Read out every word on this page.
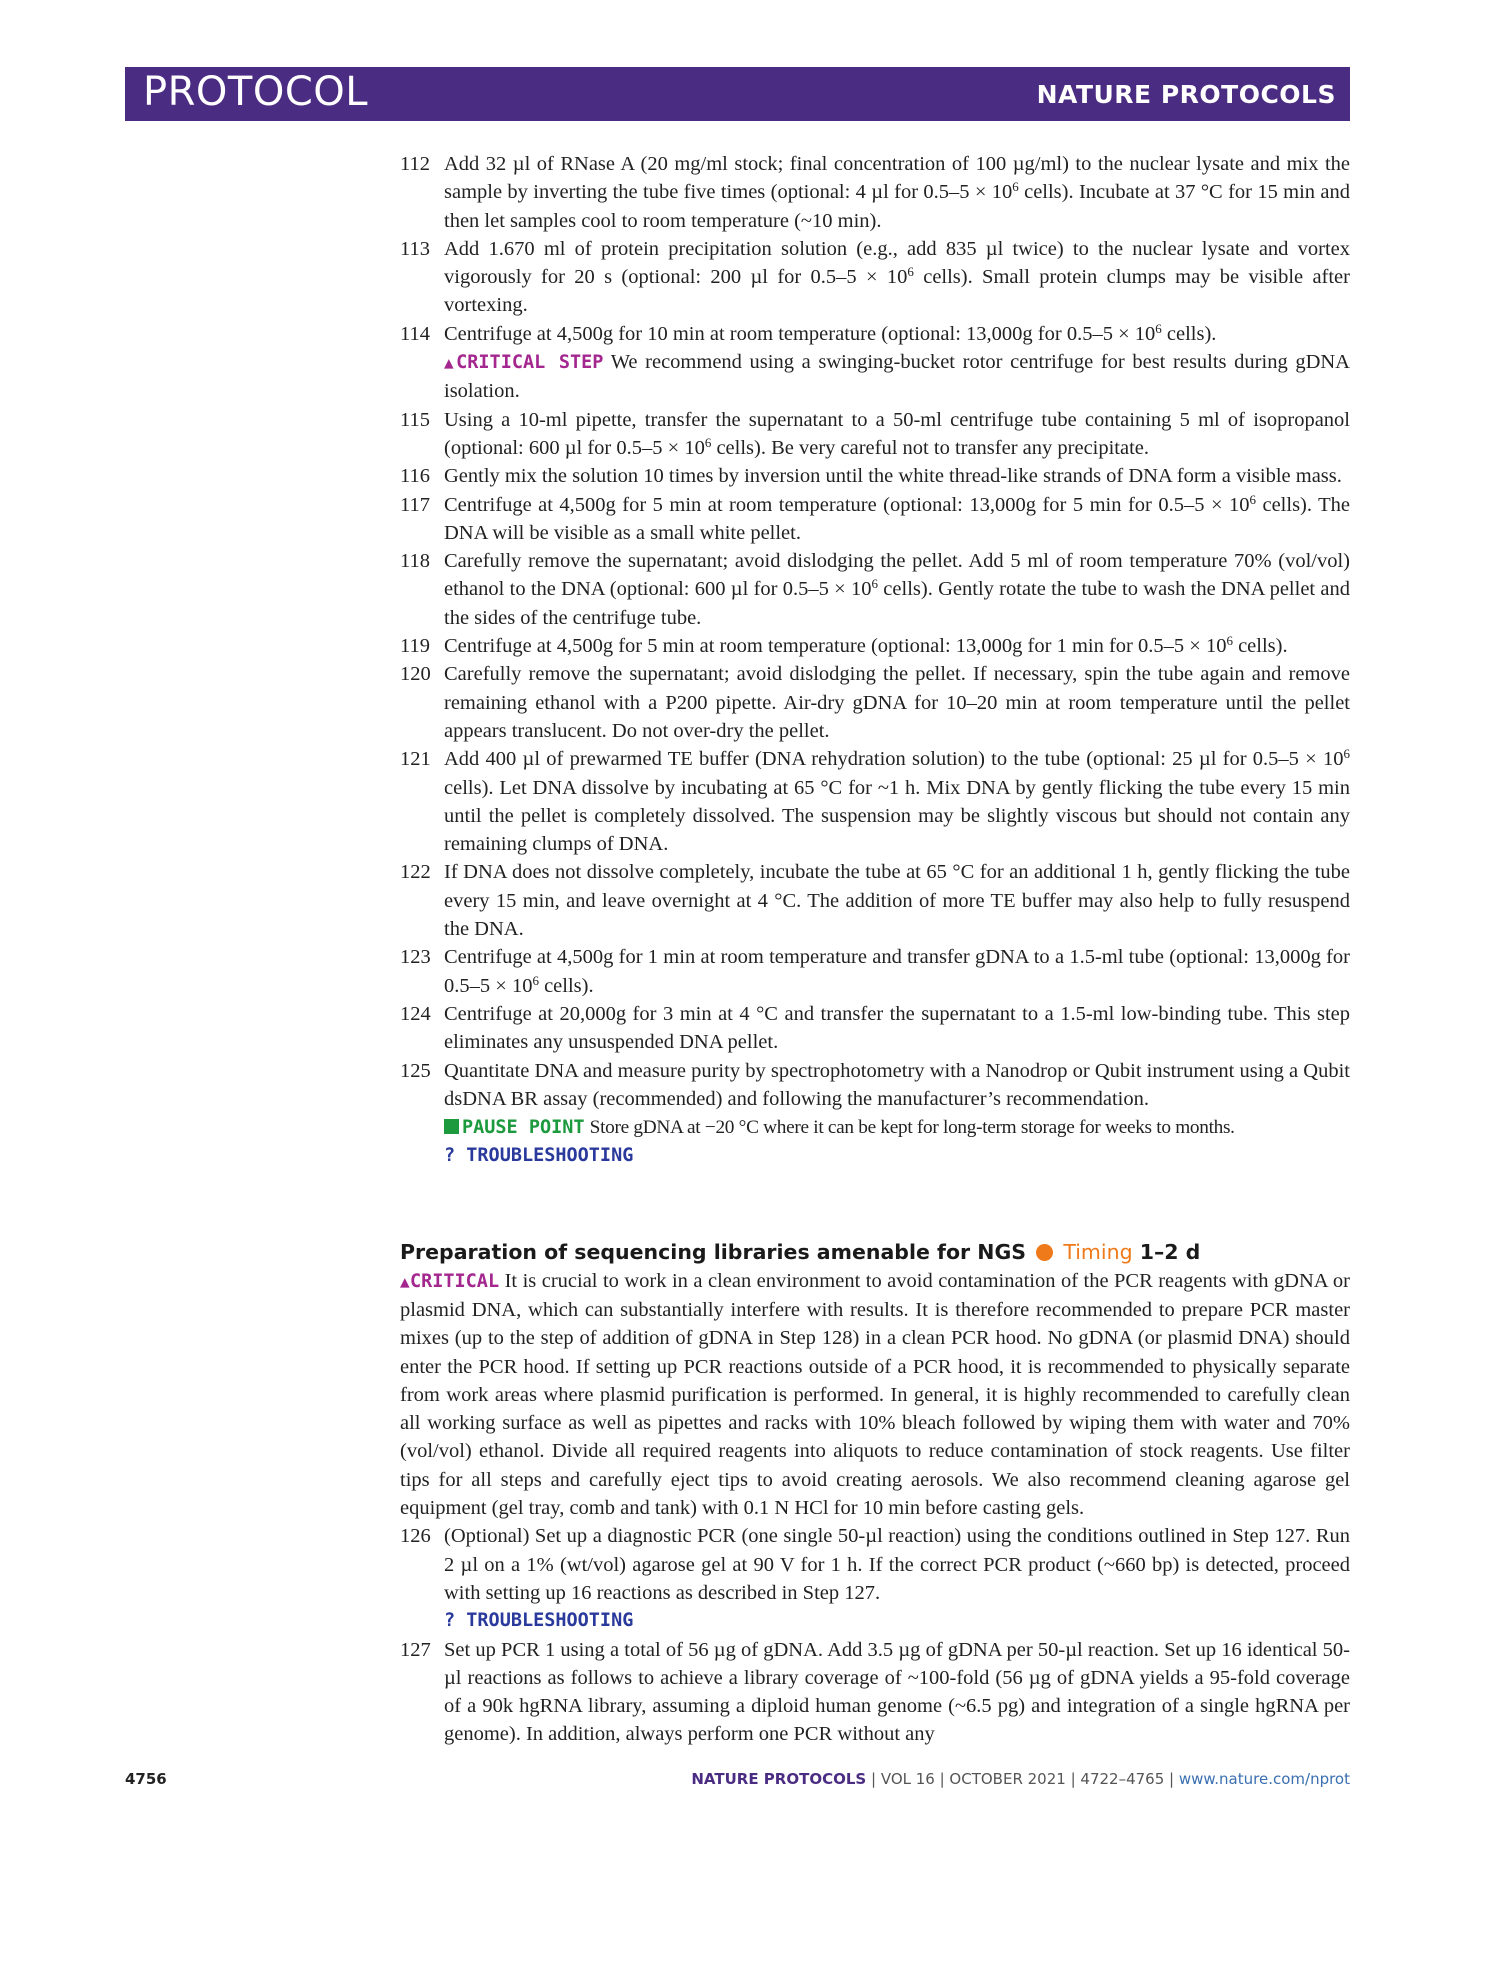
PROTOCOL	NATURE PROTOCOLS
112 Add 32 µl of RNase A (20 mg/ml stock; final concentration of 100 µg/ml) to the nuclear lysate and mix the sample by inverting the tube five times (optional: 4 µl for $0.5-5 \times 10^6$ cells). Incubate at 37 °C for 15 min and then let samples cool to room temperature (~10 min).

113 Add 1.670 ml of protein precipitation solution (e.g., add 835 µl twice) to the nuclear lysate and vortex vigorously for 20 s (optional: 200 µl for $0.5-5 \times 10^6$ cells). Small protein clumps may be visible after vortexing.

114 Centrifuge at 4,500g for 10 min at room temperature (optional: 13,000g for $0.5-5 \times 10^6$ cells).

▲CRITICAL STEP We recommend using a swinging-bucket rotor centrifuge for best results during gDNA isolation.

115 Using a 10-ml pipette, transfer the supernatant to a 50-ml centrifuge tube containing 5 ml of isopropanol (optional: 600 µl for $0.5-5 \times 10^6$ cells). Be very careful not to transfer any precipitate.

116 Gently mix the solution 10 times by inversion until the white thread-like strands of DNA form a visible mass.

117 Centrifuge at 4,500g for 5 min at room temperature (optional: 13,000g for 5 min for $0.5-5 \times 10^6$ cells). The DNA will be visible as a small white pellet.

118 Carefully remove the supernatant; avoid dislodging the pellet. Add 5 ml of room temperature 70% (vol/vol) ethanol to the DNA (optional: 600 µl for $0.5-5 \times 10^6$ cells). Gently rotate the tube to wash the DNA pellet and the sides of the centrifuge tube.

119 Centrifuge at 4,500g for 5 min at room temperature (optional: 13,000g for 1 min for $0.5-5 \times 10^6$ cells).

120 Carefully remove the supernatant; avoid dislodging the pellet. If necessary, spin the tube again and remove remaining ethanol with a P200 pipette. Air-dry gDNA for 10–20 min at room temperature until the pellet appears translucent. Do not over-dry the pellet.

121 Add 400 µl of prewarmed TE buffer (DNA rehydration solution) to the tube (optional: 25 µl for $0.5-5 \times 10^6$ cells). Let DNA dissolve by incubating at 65 °C for ~1 h. Mix DNA by gently flicking the tube every 15 min until the pellet is completely dissolved. The suspension may be slightly viscous but should not contain any remaining clumps of DNA.

122 If DNA does not dissolve completely, incubate the tube at 65 °C for an additional 1 h, gently flicking the tube every 15 min, and leave overnight at 4 °C. The addition of more TE buffer may also help to fully resuspend the DNA.

123 Centrifuge at 4,500g for 1 min at room temperature and transfer gDNA to a 1.5-ml tube (optional: 13,000g for $0.5-5 \times 10^6$ cells).

124 Centrifuge at 20,000g for 3 min at 4 °C and transfer the supernatant to a 1.5-ml low-binding tube. This step eliminates any unsuspended DNA pellet.

125 Quantitate DNA and measure purity by spectrophotometry with a Nanodrop or Qubit instrument using a Qubit dsDNA BR assay (recommended) and following the manufacturer’s recommendation.

PAUSE POINT Store gDNA at −20 °C where it can be kept for long-term storage for weeks to months.

? TROUBLESHOOTING

Preparation of sequencing libraries amenable for NGS Timing 1–2 d

▲CRITICAL It is crucial to work in a clean environment to avoid contamination of the PCR reagents with gDNA or plasmid DNA, which can substantially interfere with results. It is therefore recommended to prepare PCR master mixes (up to the step of addition of gDNA in Step 128) in a clean PCR hood. No gDNA (or plasmid DNA) should enter the PCR hood. If setting up PCR reactions outside of a PCR hood, it is recommended to physically separate from work areas where plasmid purification is performed. In general, it is highly recommended to carefully clean all working surface as well as pipettes and racks with 10% bleach followed by wiping them with water and 70% (vol/vol) ethanol. Divide all required reagents into aliquots to reduce contamination of stock reagents. Use filter tips for all steps and carefully eject tips to avoid creating aerosols. We also recommend cleaning agarose gel equipment (gel tray, comb and tank) with 0.1 N HCl for 10 min before casting gels.

126 (Optional) Set up a diagnostic PCR (one single 50-µl reaction) using the conditions outlined in Step 127. Run 2 µl on a 1% (wt/vol) agarose gel at 90 V for 1 h. If the correct PCR product (~660 bp) is detected, proceed with setting up 16 reactions as described in Step 127.

? TROUBLESHOOTING

127 Set up PCR 1 using a total of 56 µg of gDNA. Add 3.5 µg of gDNA per 50-µl reaction. Set up 16 identical 50-µl reactions as follows to achieve a library coverage of ~100-fold (56 µg of gDNA yields a 95-fold coverage of a 90k hgRNA library, assuming a diploid human genome (~6.5 pg) and integration of a single hgRNA per genome). In addition, always perform one PCR without any

4756	NATURE PROTOCOLS | VOL 16 | OCTOBER 2021 | 4722–4765 | www.nature.com/nprot
